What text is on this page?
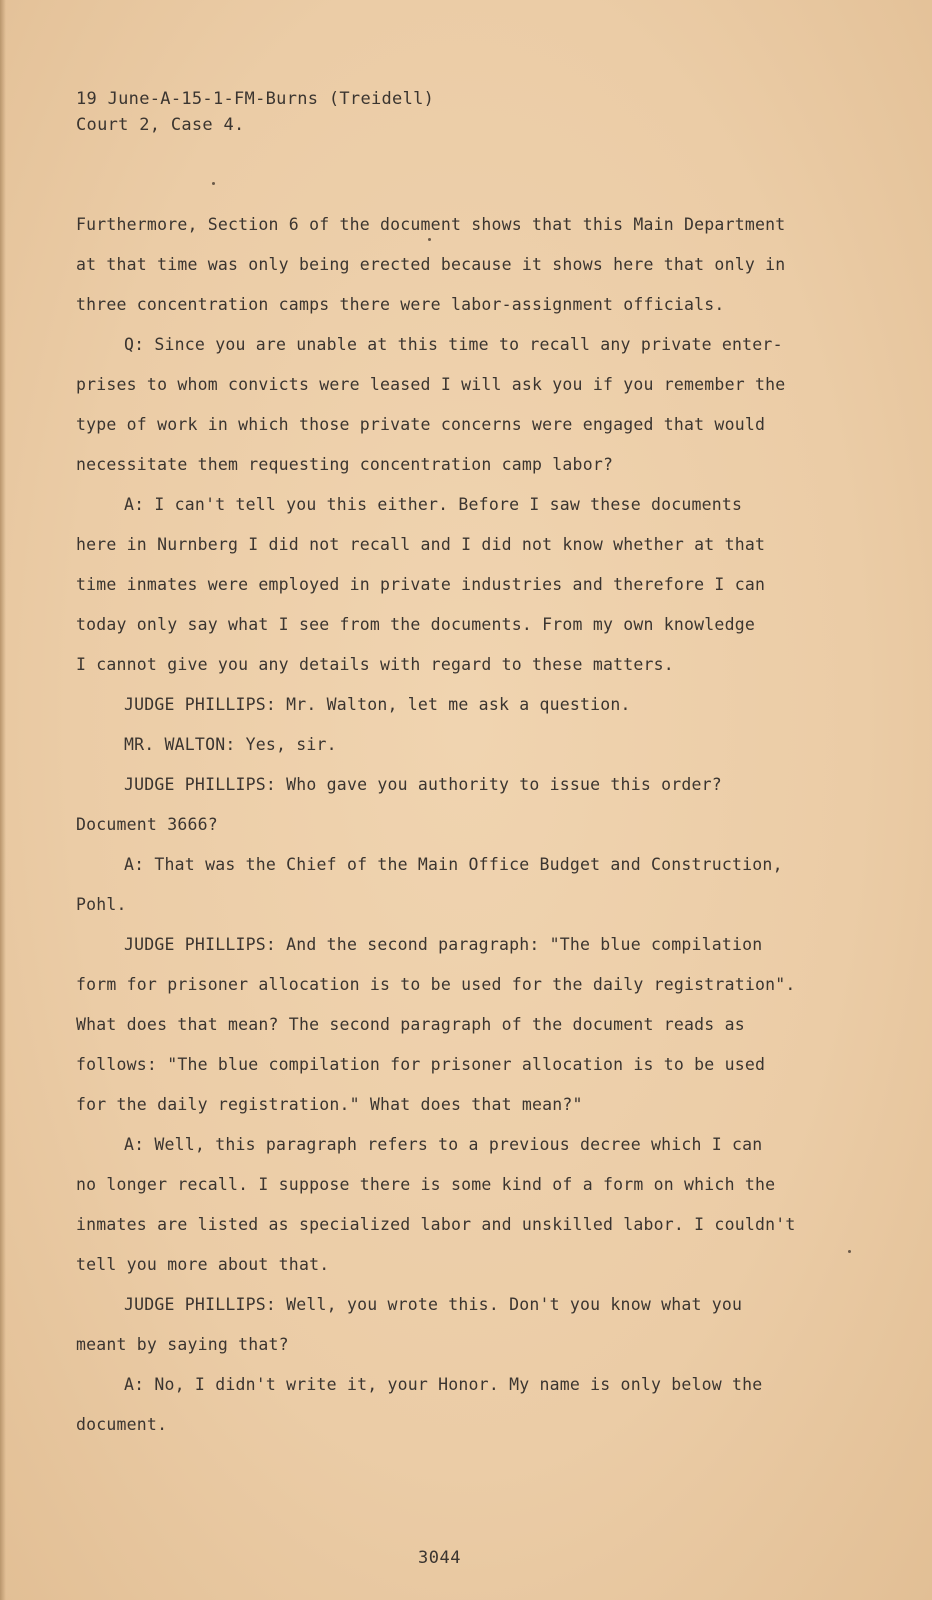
19 June-A-15-1-FM-Burns (Treidell)
Court 2, Case 4.
Furthermore, Section 6 of the document shows that this Main Department
at that time was only being erected because it shows here that only in
three concentration camps there were labor-assignment officials.
Q: Since you are unable at this time to recall any private enter-
prises to whom convicts were leased I will ask you if you remember the
type of work in which those private concerns were engaged that would
necessitate them requesting concentration camp labor?
A: I can't tell you this either. Before I saw these documents
here in Nurnberg I did not recall and I did not know whether at that
time inmates were employed in private industries and therefore I can
today only say what I see from the documents. From my own knowledge
I cannot give you any details with regard to these matters.
JUDGE PHILLIPS: Mr. Walton, let me ask a question.
MR. WALTON: Yes, sir.
JUDGE PHILLIPS: Who gave you authority to issue this order?
Document 3666?
A: That was the Chief of the Main Office Budget and Construction,
Pohl.
JUDGE PHILLIPS: And the second paragraph: "The blue compilation
form for prisoner allocation is to be used for the daily registration".
What does that mean? The second paragraph of the document reads as
follows: "The blue compilation for prisoner allocation is to be used
for the daily registration." What does that mean?"
A: Well, this paragraph refers to a previous decree which I can
no longer recall. I suppose there is some kind of a form on which the
inmates are listed as specialized labor and unskilled labor. I couldn't
tell you more about that.
JUDGE PHILLIPS: Well, you wrote this. Don't you know what you
meant by saying that?
A: No, I didn't write it, your Honor. My name is only below the
document.
3044
